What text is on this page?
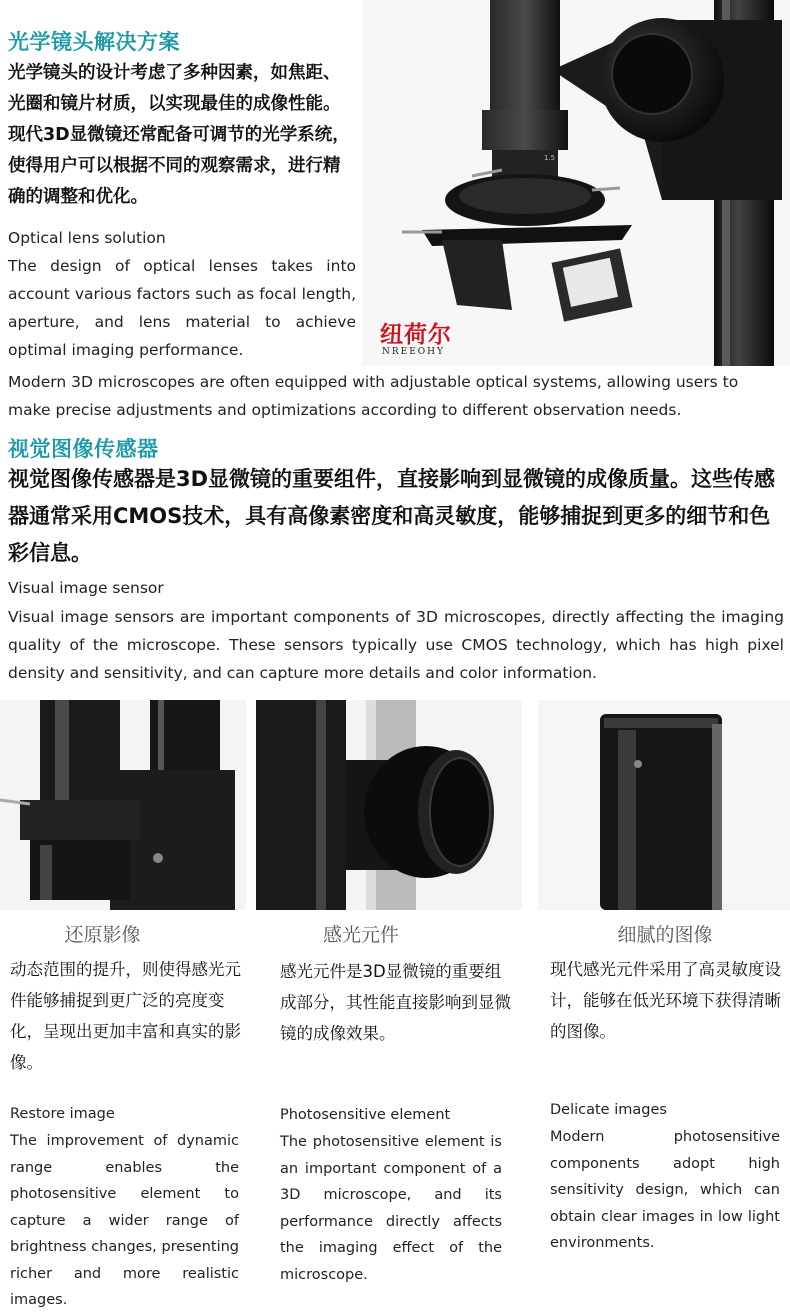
光学镜头解决方案
光学镜头的设计考虑了多种因素，如焦距、光圈和镜片材质，以实现最佳的成像性能。现代3D显微镜还常配备可调节的光学系统，使得用户可以根据不同的观察需求，进行精确的调整和优化。
Optical lens solution
The design of optical lenses takes into account various factors such as focal length, aperture, and lens material to achieve optimal imaging performance.
1.5
纽荷尔
NREEOHY
Modern 3D microscopes are often equipped with adjustable optical systems, allowing users to make precise adjustments and optimizations according to different observation needs.
视觉图像传感器
视觉图像传感器是3D显微镜的重要组件，直接影响到显微镜的成像质量。这些传感器通常采用CMOS技术，具有高像素密度和高灵敏度，能够捕捉到更多的细节和色彩信息。
Visual image sensor
Visual image sensors are important components of 3D microscopes, directly affecting the imaging quality of the microscope. These sensors typically use CMOS technology, which has high pixel density and sensitivity, and can capture more details and color information.
还原影像	感光元件	细腻的图像
动态范围的提升，则使得感光元件能够捕捉到更广泛的亮度变化，呈现出更加丰富和真实的影像。
Restore image
The improvement of dynamic range enables the photosensitive element to capture a wider range of brightness changes, presenting richer and more realistic images.
感光元件是3D显微镜的重要组成部分，其性能直接影响到显微镜的成像效果。
Photosensitive element
The photosensitive element is an important component of a 3D microscope, and its performance directly affects the imaging effect of the microscope.
现代感光元件采用了高灵敏度设计，能够在低光环境下获得清晰的图像。
Delicate images
Modern photosensitive components adopt high sensitivity design, which can obtain clear images in low light environments.
